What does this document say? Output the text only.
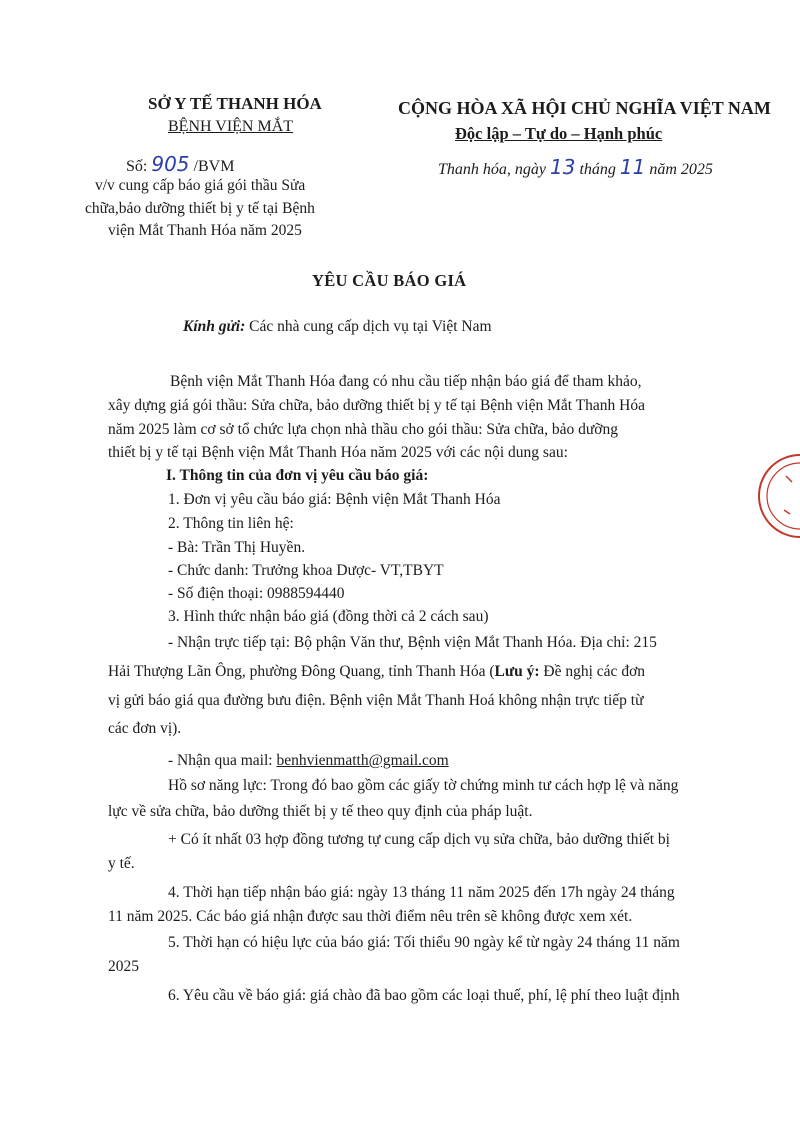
SỞ Y TẾ THANH HÓA
BỆNH VIỆN MẮT
Số: 905 /BVM
v/v cung cấp báo giá gói thầu Sửa
chữa,bảo dưỡng thiết bị y tế tại Bệnh
viện Mắt Thanh Hóa năm 2025
CỘNG HÒA XÃ HỘI CHỦ NGHĨA VIỆT NAM
Độc lập – Tự do – Hạnh phúc
Thanh hóa, ngày 13 tháng 11 năm 2025
YÊU CẦU BÁO GIÁ
Kính gửi: Các nhà cung cấp dịch vụ tại Việt Nam
Bệnh viện Mắt Thanh Hóa đang có nhu cầu tiếp nhận báo giá để tham khảo,
xây dựng giá gói thầu: Sửa chữa, bảo dưỡng thiết bị y tế tại Bệnh viện Mắt Thanh Hóa
năm 2025 làm cơ sở tổ chức lựa chọn nhà thầu cho gói thầu: Sửa chữa, bảo dưỡng
thiết bị y tế tại Bệnh viện Mắt Thanh Hóa năm 2025 với các nội dung sau:
I. Thông tin của đơn vị yêu cầu báo giá:
1. Đơn vị yêu cầu báo giá: Bệnh viện Mắt Thanh Hóa
2. Thông tin liên hệ:
- Bà: Trần Thị Huyền.
- Chức danh: Trưởng khoa Dược- VT,TBYT
- Số điện thoại: 0988594440
3. Hình thức nhận báo giá (đồng thời cả 2 cách sau)
- Nhận trực tiếp tại: Bộ phận Văn thư, Bệnh viện Mắt Thanh Hóa. Địa chỉ: 215
Hải Thượng Lãn Ông, phường Đông Quang, tỉnh Thanh Hóa (Lưu ý: Đề nghị các đơn
vị gửi báo giá qua đường bưu điện. Bệnh viện Mắt Thanh Hoá không nhận trực tiếp từ
các đơn vị).
- Nhận qua mail: benhvienmatth@gmail.com
Hồ sơ năng lực: Trong đó bao gồm các giấy tờ chứng minh tư cách hợp lệ và năng
lực về sửa chữa, bảo dưỡng thiết bị y tế theo quy định của pháp luật.
+ Có ít nhất 03 hợp đồng tương tự cung cấp dịch vụ sửa chữa, bảo dưỡng thiết bị
y tế.
4. Thời hạn tiếp nhận báo giá: ngày 13 tháng 11 năm 2025 đến 17h ngày 24 tháng
11 năm 2025. Các báo giá nhận được sau thời điểm nêu trên sẽ không được xem xét.
5. Thời hạn có hiệu lực của báo giá: Tối thiểu 90 ngày kể từ ngày 24 tháng 11 năm
2025
6. Yêu cầu về báo giá: giá chào đã bao gồm các loại thuế, phí, lệ phí theo luật định
